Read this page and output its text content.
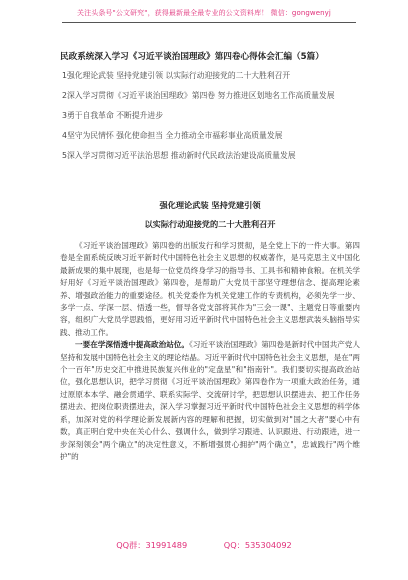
关注头条号"公文研究"，获得最新最全最专业的公文资料库！ 微信：gongwenyj
民政系统深入学习《习近平谈治国理政》第四卷心得体会汇编（5篇）
1强化理论武装 坚持党建引领 以实际行动迎接党的二十大胜利召开
2深入学习贯彻《习近平谈治国理政》第四卷 努力推进区划地名工作高质量发展
3勇于自我革命 不断提升进步
4坚守为民情怀 强化使命担当 全力推动全市福彩事业高质量发展
5深入学习贯彻习近平法治思想 推动新时代民政法治建设高质量发展
强化理论武装 坚持党建引领
以实际行动迎接党的二十大胜利召开

《习近平谈治国理政》第四卷的出版发行和学习贯彻，是全党上下的一件大事。第四卷是全面系统反映习近平新时代中国特色社会主义思想的权威著作，是马克思主义中国化最新成果的集中展现，也是每一位党员终身学习的指导书、工具书和精神食粮。在机关学好用好《习近平谈治国理政》第四卷，是帮助广大党员干部坚守理想信念、提高理论素养、增强政治能力的重要途径。机关党委作为机关党建工作的专责机构，必须先学一步、多学一点、学深一层、悟透一些，督导各党支部将其作为"三会一课"、主题党日等重要内容，组织广大党员学思践悟，更好用习近平新时代中国特色社会主义思想武装头脑指导实践、推动工作。

一要在学深悟透中提高政治站位。《习近平谈治国理政》第四卷是新时代中国共产党人坚持和发展中国特色社会主义的理论结晶。习近平新时代中国特色社会主义思想，是在"两个一百年"历史交汇中推进民族复兴伟业的"定盘星"和"指南针"。我们要切实提高政治站位，强化思想认识，把学习贯彻《习近平谈治国理政》第四卷作为一项重大政治任务，通过原原本本学、融会贯通学、联系实际学、交流研讨学，把思想认识摆进去、把工作任务摆进去、把岗位职责摆进去，深入学习掌握习近平新时代中国特色社会主义思想的科学体系，加深对党的科学理论新发展新内容的理解和把握，切实做到对"国之大者"要心中有数，真正明白党中央在关心什么、强调什么，做到学习跟进、认识跟进、行动跟进，进一步深刻领会"两个确立"的决定性意义，不断增强贯心拥护"两个确立"，忠诚践行"两个维护"的

QQ群：31991489	QQ：535304092
